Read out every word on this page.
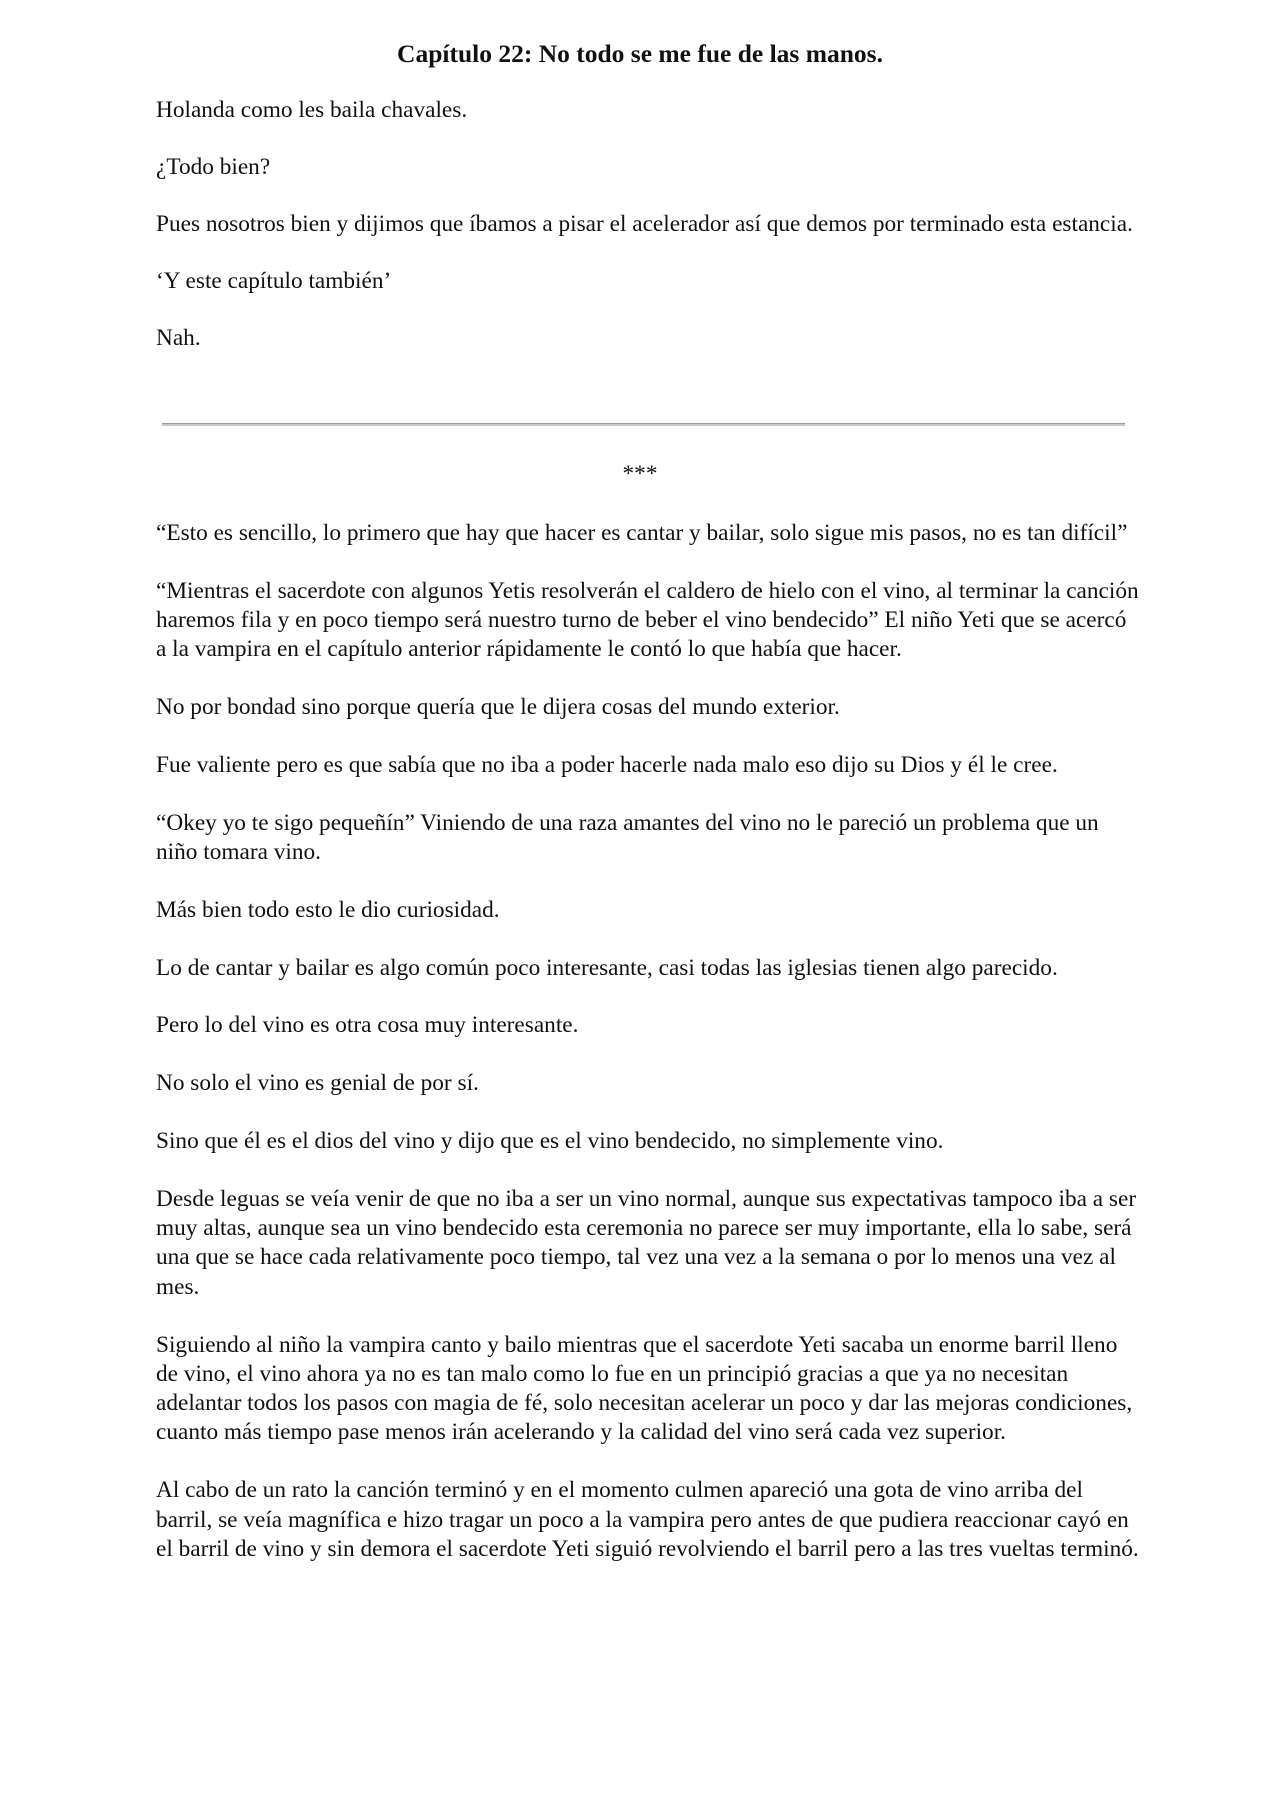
Capítulo 22: No todo se me fue de las manos.

Holanda como les baila chavales.

¿Todo bien?

Pues nosotros bien y dijimos que íbamos a pisar el acelerador así que demos por terminado esta estancia.

‘Y este capítulo también’

Nah.

***

“Esto es sencillo, lo primero que hay que hacer es cantar y bailar, solo sigue mis pasos, no es tan difícil”

“Mientras el sacerdote con algunos Yetis resolverán el caldero de hielo con el vino, al terminar la canción haremos fila y en poco tiempo será nuestro turno de beber el vino bendecido” El niño Yeti que se acercó a la vampira en el capítulo anterior rápidamente le contó lo que había que hacer.

No por bondad sino porque quería que le dijera cosas del mundo exterior.

Fue valiente pero es que sabía que no iba a poder hacerle nada malo eso dijo su Dios y él le cree.

“Okey yo te sigo pequeñín” Viniendo de una raza amantes del vino no le pareció un problema que un niño tomara vino.

Más bien todo esto le dio curiosidad.

Lo de cantar y bailar es algo común poco interesante, casi todas las iglesias tienen algo parecido.

Pero lo del vino es otra cosa muy interesante.

No solo el vino es genial de por sí.

Sino que él es el dios del vino y dijo que es el vino bendecido, no simplemente vino.

Desde leguas se veía venir de que no iba a ser un vino normal, aunque sus expectativas tampoco iba a ser muy altas, aunque sea un vino bendecido esta ceremonia no parece ser muy importante, ella lo sabe, será una que se hace cada relativamente poco tiempo, tal vez una vez a la semana o por lo menos una vez al mes.

Siguiendo al niño la vampira canto y bailo mientras que el sacerdote Yeti sacaba un enorme barril lleno de vino, el vino ahora ya no es tan malo como lo fue en un principió gracias a que ya no necesitan adelantar todos los pasos con magia de fé, solo necesitan acelerar un poco y dar las mejoras condiciones, cuanto más tiempo pase menos irán acelerando y la calidad del vino será cada vez superior.

Al cabo de un rato la canción terminó y en el momento culmen apareció una gota de vino arriba del barril, se veía magnífica e hizo tragar un poco a la vampira pero antes de que pudiera reaccionar cayó en el barril de vino y sin demora el sacerdote Yeti siguió revolviendo el barril pero a las tres vueltas terminó.
